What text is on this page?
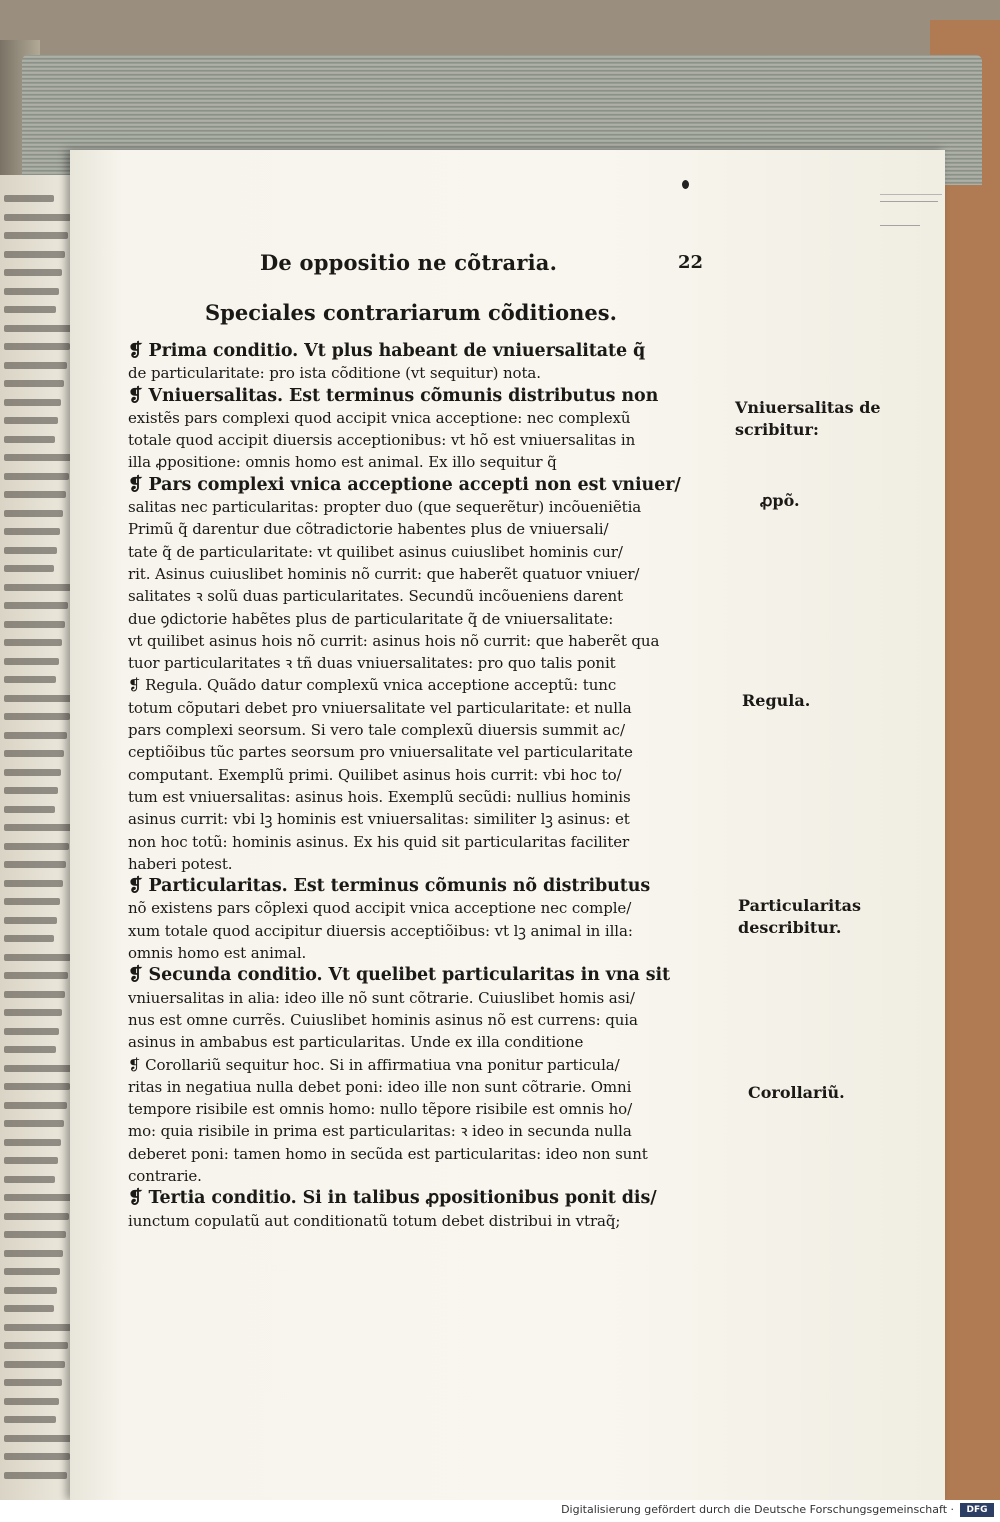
De oppositio ne cõtraria.	22
Speciales contrariarum cõditiones.
❡ Prima conditio. Vt plus habeant de vniuersalitate q̃
de particularitate: pro ista cõditione (vt sequitur) nota.
❡ Vniuersalitas. Est terminus cõmunis distributus non
existẽs pars complexi quod accipit vnica acceptione: nec complexũ
totale quod accipit diuersis acceptionibus: vt hõ est vniuersalitas in
illa ꝓpositione: omnis homo est animal. Ex illo sequitur q̃
❡ Pars complexi vnica acceptione accepti non est vniuer/
salitas nec particularitas: propter duo (que sequerẽtur) incõueniẽtia
Primũ q̃ darentur due cõtradictorie habentes plus de vniuersali/
tate q̃ de particularitate: vt quilibet asinus cuiuslibet hominis cur/
rit. Asinus cuiuslibet hominis nõ currit: que haberẽt quatuor vniuer/
salitates ꝛ solũ duas particularitates. Secundũ incõueniens darent
due ꝯdictorie habẽtes plus de particularitate q̃ de vniuersalitate:
vt quilibet asinus hois nõ currit: asinus hois nõ currit: que haberẽt qua
tuor particularitates ꝛ tñ duas vniuersalitates: pro quo talis ponit
❡ Regula. Quãdo datur complexũ vnica acceptione acceptũ: tunc
totum cõputari debet pro vniuersalitate vel particularitate: et nulla
pars complexi seorsum. Si vero tale complexũ diuersis summit ac/
ceptiõibus tũc partes seorsum pro vniuersalitate vel particularitate
computant. Exemplũ primi. Quilibet asinus hois currit: vbi hoc to/
tum est vniuersalitas: asinus hois. Exemplũ secũdi: nullius hominis
asinus currit: vbi lꝫ hominis est vniuersalitas: similiter lꝫ asinus: et
non hoc totũ: hominis asinus. Ex his quid sit particularitas faciliter
haberi potest.
❡ Particularitas. Est terminus cõmunis nõ distributus
nõ existens pars cõplexi quod accipit vnica acceptione nec comple/
xum totale quod accipitur diuersis acceptiõibus: vt lꝫ animal in illa:
omnis homo est animal.
❡ Secunda conditio. Vt quelibet particularitas in vna sit
vniuersalitas in alia: ideo ille nõ sunt cõtrarie. Cuiuslibet homis asi/
nus est omne currẽs. Cuiuslibet hominis asinus nõ est currens: quia
asinus in ambabus est particularitas. Unde ex illa conditione
❡ Corollariũ sequitur hoc. Si in affirmatiua vna ponitur particula/
ritas in negatiua nulla debet poni: ideo ille non sunt cõtrarie. Omni
tempore risibile est omnis homo: nullo tẽpore risibile est omnis ho/
mo: quia risibile in prima est particularitas: ꝛ ideo in secunda nulla
deberet poni: tamen homo in secũda est particularitas: ideo non sunt
contrarie.
❡ Tertia conditio. Si in talibus ꝓpositionibus ponit dis/
iunctum copulatũ aut conditionatũ totum debet distribui in vtraq̃;
Vniuersalitas de
scribitur:
ꝓpõ.
Regula.
Particularitas
describitur.
Corollariũ.
Digitalisierung gefördert durch die Deutsche Forschungsgemeinschaft ·	DFG
